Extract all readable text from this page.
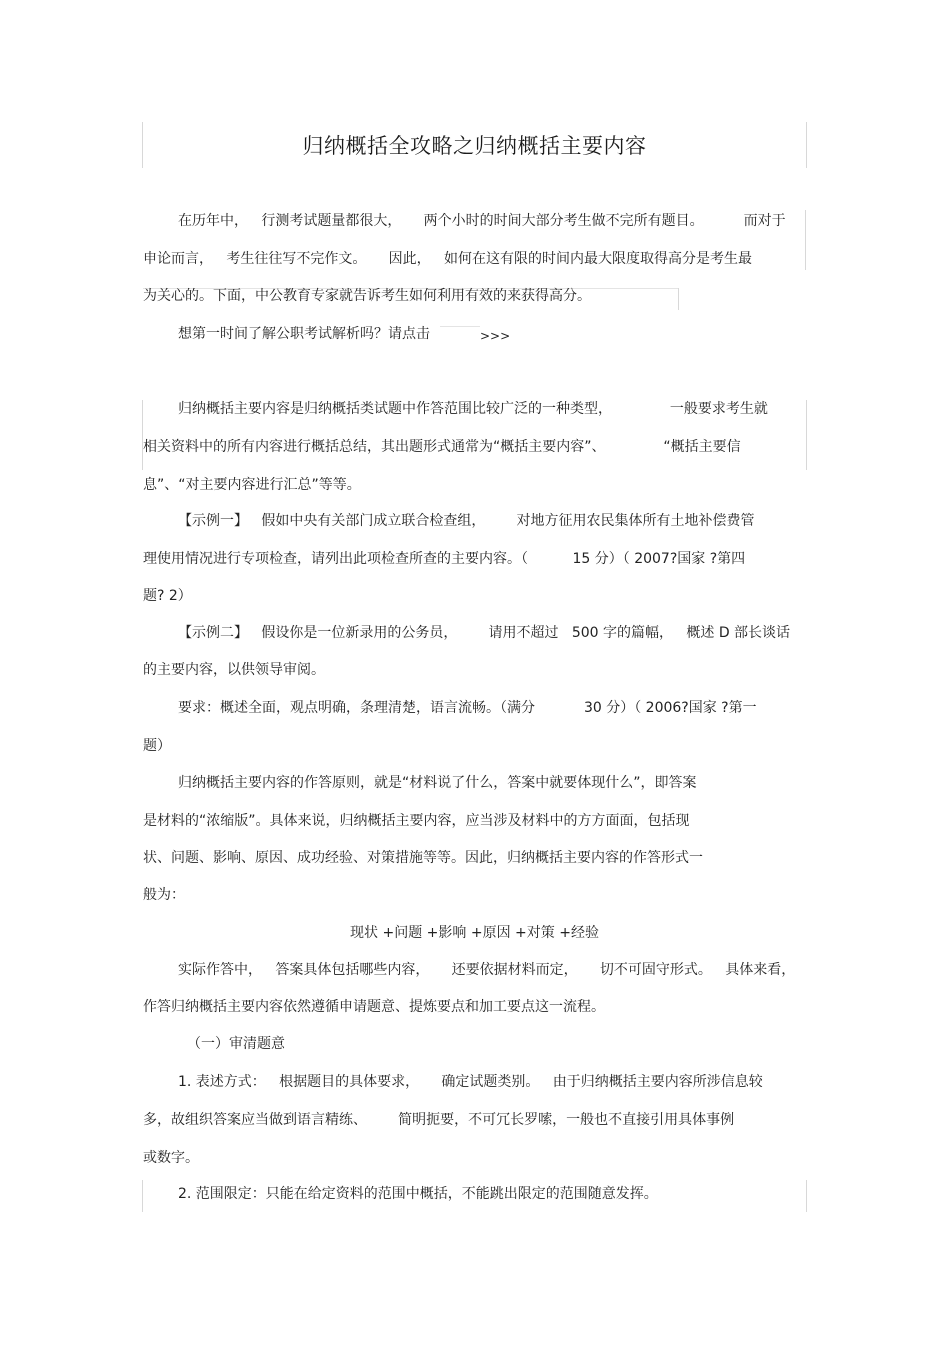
归纳概括全攻略之归纳概括主要内容
在历年中，   行测考试题量都很大，     两个小时的时间大部分考生做不完所有题目。         而对于
申论而言，   考生往往写不完作文。     因此，   如何在这有限的时间内最大限度取得高分是考生最
为关心的。下面，中公教育专家就告诉考生如何利用有效的来获得高分。
想第一时间了解公职考试解析吗？请点击	>>>
归纳概括主要内容是归纳概括类试题中作答范围比较广泛的一种类型，             一般要求考生就
相关资料中的所有内容进行概括总结，其出题形式通常为“概括主要内容”、             “概括主要信
息”、“对主要内容进行汇总”等等。
【示例一】   假如中央有关部门成立联合检查组，       对地方征用农民集体所有土地补偿费管
理使用情况进行专项检查，请列出此项检查所查的主要内容。（          15 分）（ 2007?国家 ?第四
题? 2）
【示例二】   假设你是一位新录用的公务员，       请用不超过   500 字的篇幅，   概述 D 部长谈话
的主要内容，以供领导审阅。
要求：概述全面，观点明确，条理清楚，语言流畅。（满分           30 分）（ 2006?国家 ?第一
题）
归纳概括主要内容的作答原则，就是“材料说了什么，答案中就要体现什么”，即答案
是材料的“浓缩版”。具体来说，归纳概括主要内容，应当涉及材料中的方方面面，包括现
状、问题、影响、原因、成功经验、对策措施等等。因此，归纳概括主要内容的作答形式一
般为：
现状 +问题 +影响 +原因 +对策 +经验
实际作答中，   答案具体包括哪些内容，     还要依据材料而定，     切不可固守形式。   具体来看，
作答归纳概括主要内容依然遵循申请题意、提炼要点和加工要点这一流程。
（一）审清题意
1. 表述方式：   根据题目的具体要求，     确定试题类别。   由于归纳概括主要内容所涉信息较
多，故组织答案应当做到语言精练、       简明扼要，不可冗长罗嗦，一般也不直接引用具体事例
或数字。
2. 范围限定：只能在给定资料的范围中概括，不能跳出限定的范围随意发挥。
